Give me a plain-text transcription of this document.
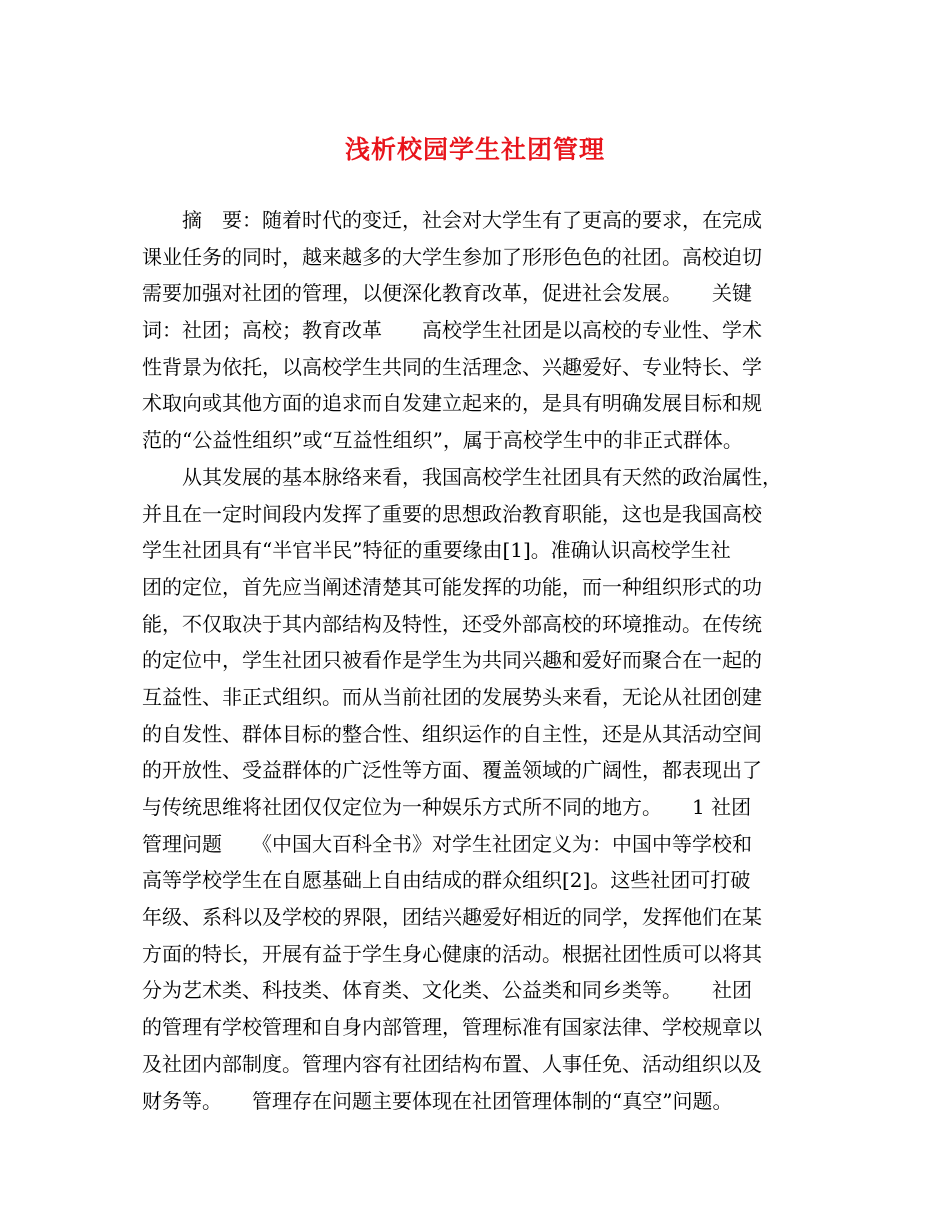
浅析校园学生社团管理
　　摘　要：随着时代的变迁，社会对大学生有了更高的要求，在完成
课业任务的同时，越来越多的大学生参加了形形色色的社团。高校迫切
需要加强对社团的管理，以便深化教育改革，促进社会发展。　　关键
词：社团；高校；教育改革　　高校学生社团是以高校的专业性、学术
性背景为依托，以高校学生共同的生活理念、兴趣爱好、专业特长、学
术取向或其他方面的追求而自发建立起来的，是具有明确发展目标和规
范的“公益性组织”或“互益性组织”，属于高校学生中的非正式群体。
　　从其发展的基本脉络来看，我国高校学生社团具有天然的政治属性，
并且在一定时间段内发挥了重要的思想政治教育职能，这也是我国高校
学生社团具有“半官半民”特征的重要缘由[1]。准确认识高校学生社
团的定位，首先应当阐述清楚其可能发挥的功能，而一种组织形式的功
能，不仅取决于其内部结构及特性，还受外部高校的环境推动。在传统
的定位中，学生社团只被看作是学生为共同兴趣和爱好而聚合在一起的
互益性、非正式组织。而从当前社团的发展势头来看，无论从社团创建
的自发性、群体目标的整合性、组织运作的自主性，还是从其活动空间
的开放性、受益群体的广泛性等方面、覆盖领域的广阔性，都表现出了
与传统思维将社团仅仅定位为一种娱乐方式所不同的地方。　　1 社团
管理问题　　《中国大百科全书》对学生社团定义为：中国中等学校和
高等学校学生在自愿基础上自由结成的群众组织[2]。这些社团可打破
年级、系科以及学校的界限，团结兴趣爱好相近的同学，发挥他们在某
方面的特长，开展有益于学生身心健康的活动。根据社团性质可以将其
分为艺术类、科技类、体育类、文化类、公益类和同乡类等。　　社团
的管理有学校管理和自身内部管理，管理标准有国家法律、学校规章以
及社团内部制度。管理内容有社团结构布置、人事任免、活动组织以及
财务等。　　管理存在问题主要体现在社团管理体制的“真空”问题。
